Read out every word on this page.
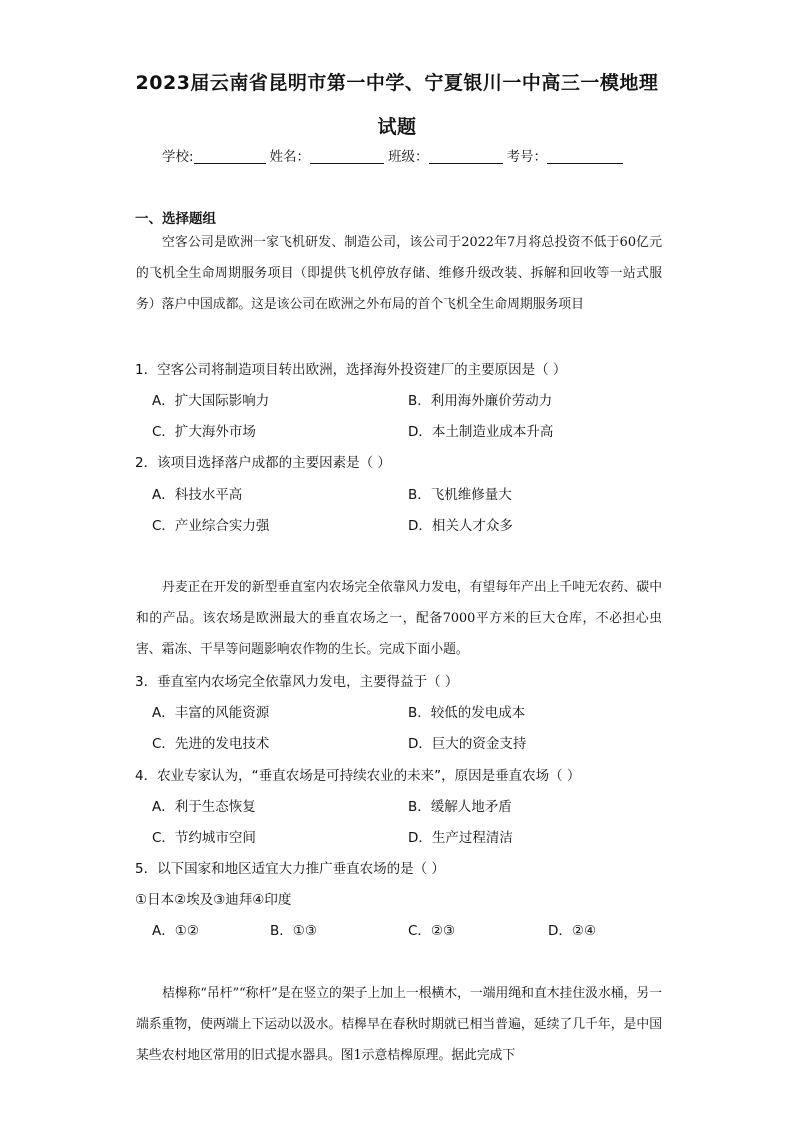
2023届云南省昆明市第一中学、宁夏银川一中高三一模地理
试题
学校:	姓名：	班级：	考号：
一、选择题组
空客公司是欧洲一家飞机研发、制造公司，该公司于2022年7月将总投资不低于60亿元的飞机全生命周期服务项目（即提供飞机停放存储、维修升级改装、拆解和回收等一站式服务）落户中国成都。这是该公司在欧洲之外布局的首个飞机全生命周期服务项目
1．空客公司将制造项目转出欧洲，选择海外投资建厂的主要原因是（ ）
A．扩大国际影响力	B．利用海外廉价劳动力
C．扩大海外市场	D．本土制造业成本升高
2．该项目选择落户成都的主要因素是（ ）
A．科技水平高	B．飞机维修量大
C．产业综合实力强	D．相关人才众多
丹麦正在开发的新型垂直室内农场完全依靠风力发电，有望每年产出上千吨无农药、碳中和的产品。该农场是欧洲最大的垂直农场之一，配备7000平方米的巨大仓库，不必担心虫害、霜冻、干旱等问题影响农作物的生长。完成下面小题。
3．垂直室内农场完全依靠风力发电，主要得益于（ ）
A．丰富的风能资源	B．较低的发电成本
C．先进的发电技术	D．巨大的资金支持
4．农业专家认为，“垂直农场是可持续农业的未来”，原因是垂直农场（ ）
A．利于生态恢复	B．缓解人地矛盾
C．节约城市空间	D．生产过程清洁
5．以下国家和地区适宜大力推广垂直农场的是（ ）
①日本②埃及③迪拜④印度
A．①②	B．①③	C．②③	D．②④
桔槔称“吊杆”“称杆”是在竖立的架子上加上一根横木，一端用绳和直木挂住汲水桶，另一端系重物，使两端上下运动以汲水。桔槔早在春秋时期就已相当普遍，延续了几千年，是中国某些农村地区常用的旧式提水器具。图1示意桔槔原理。据此完成下
